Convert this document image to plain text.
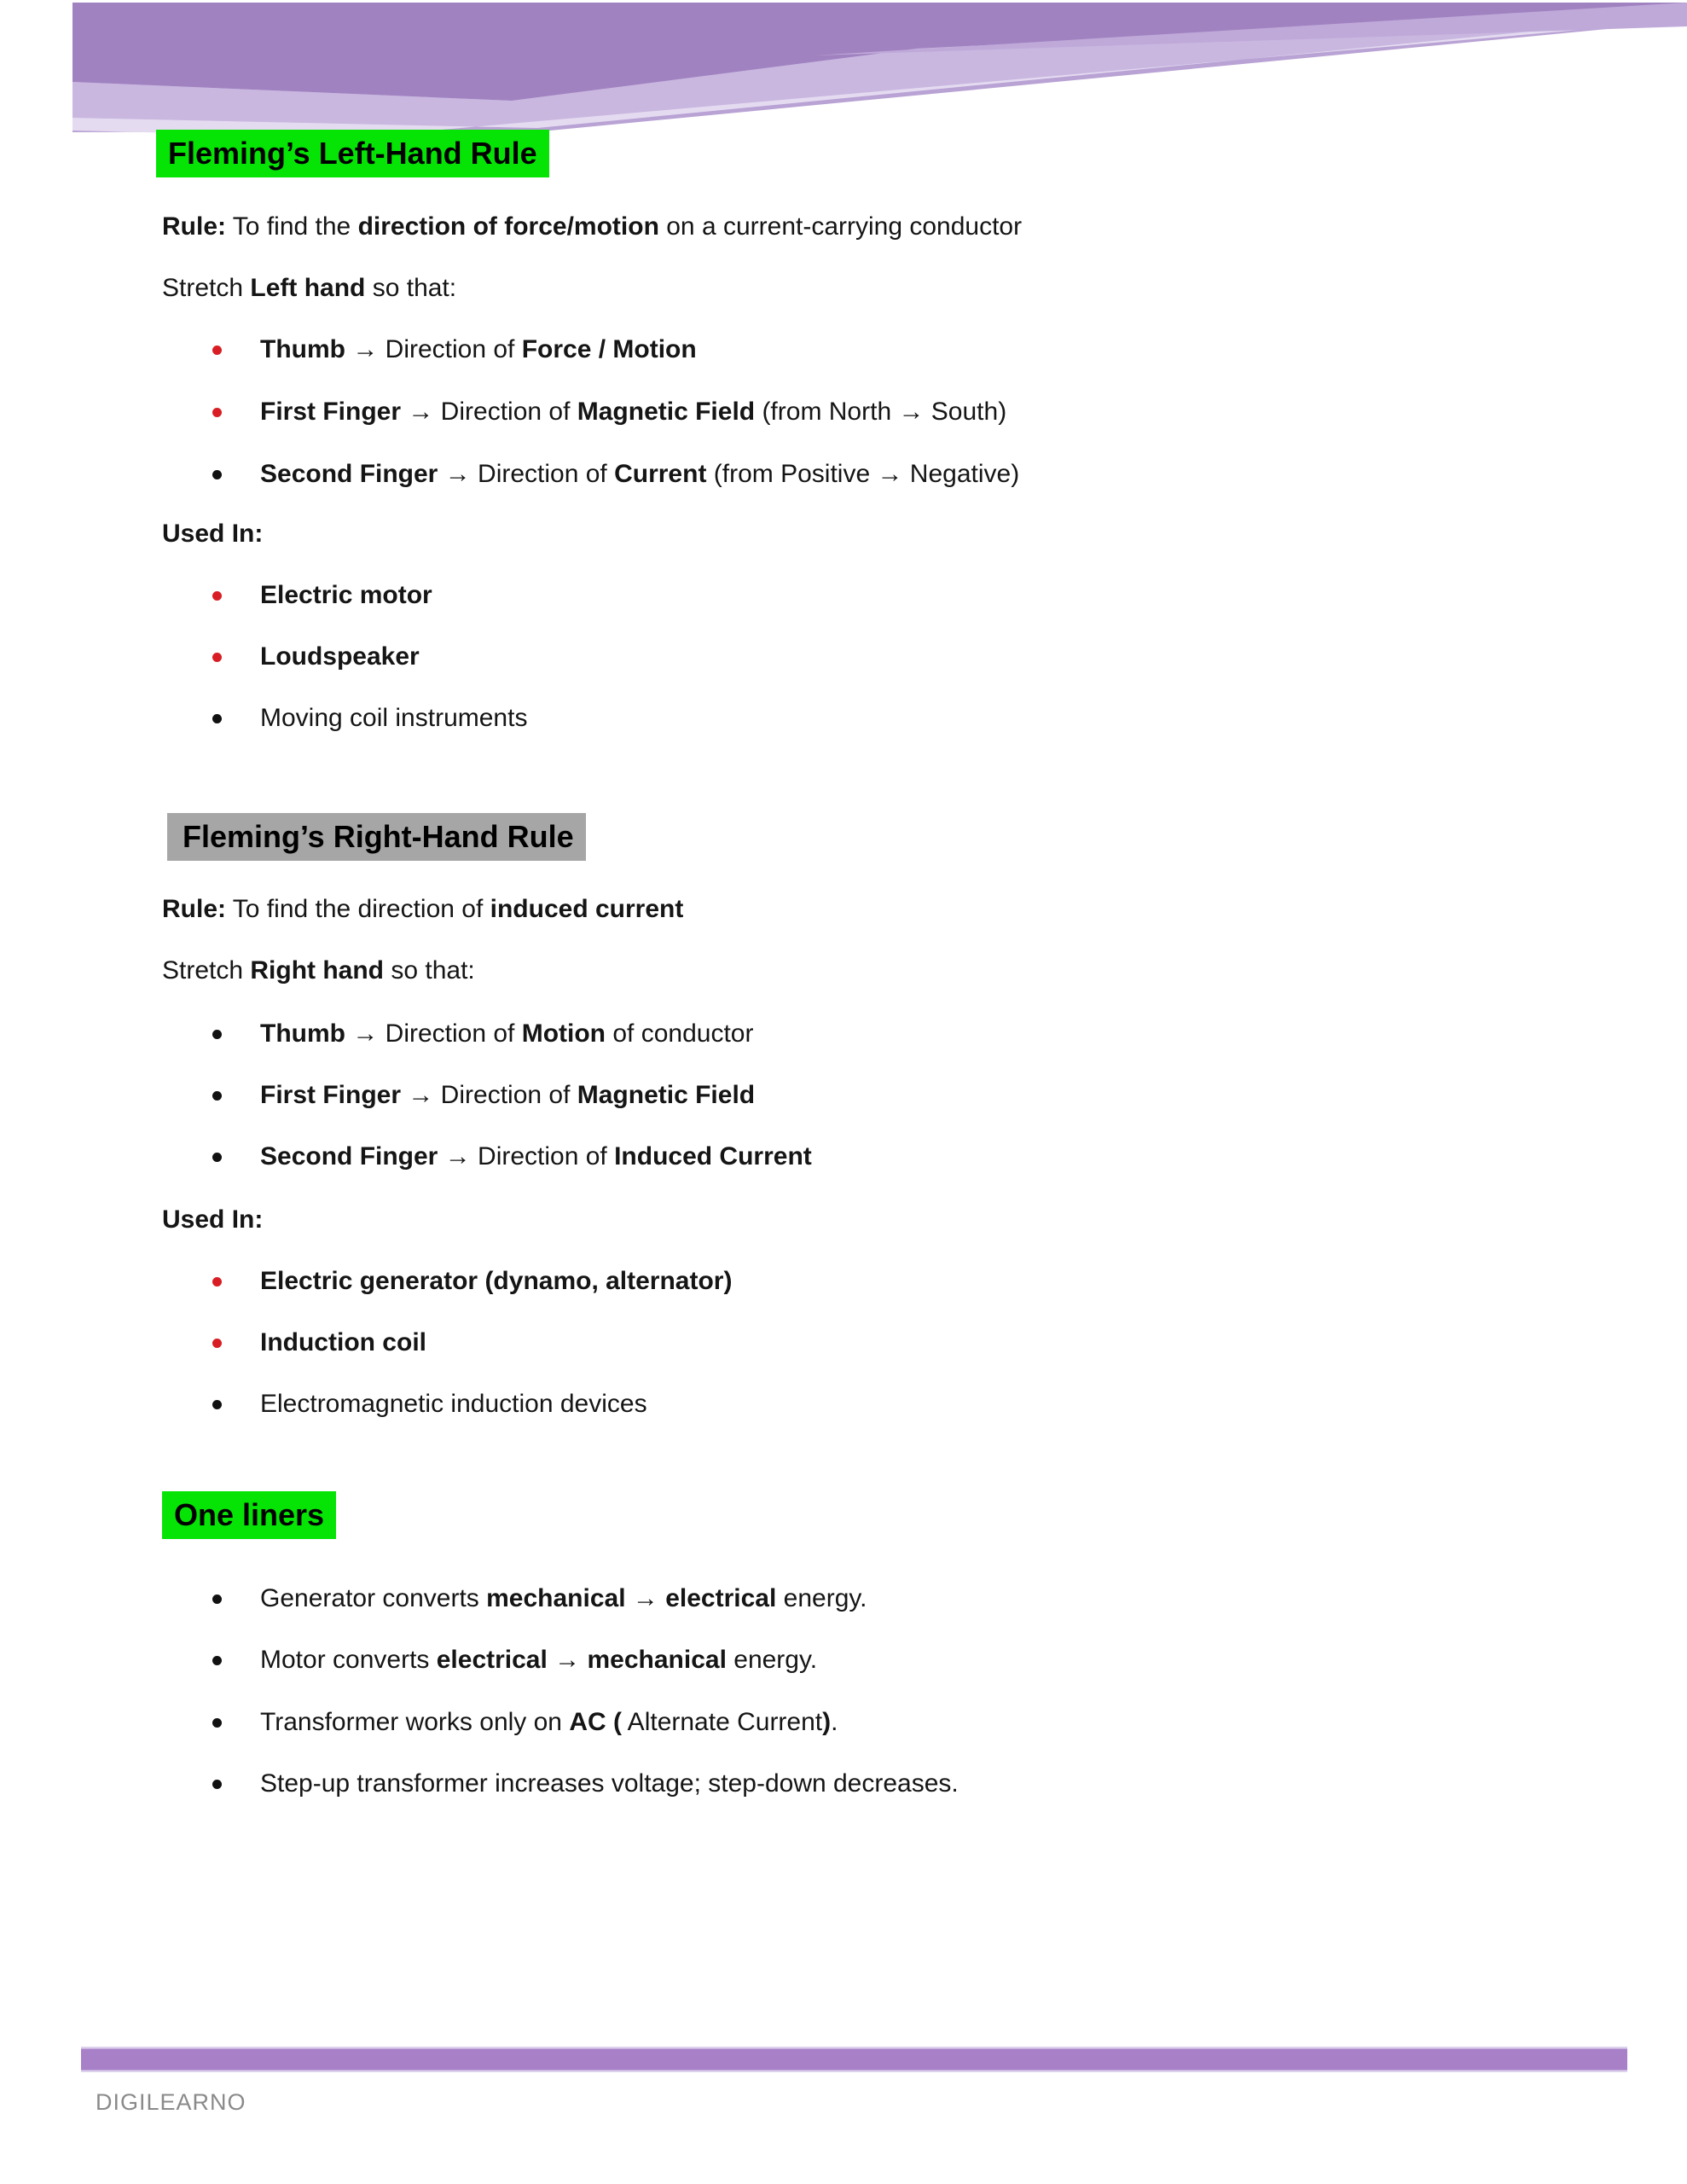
Fleming’s Left-Hand Rule
Rule: To find the direction of force/motion on a current-carrying conductor
Stretch Left hand so that:
Thumb → Direction of Force / Motion
First Finger → Direction of Magnetic Field (from North → South)
Second Finger → Direction of Current (from Positive → Negative)
Used In:
Electric motor
Loudspeaker
Moving coil instruments
Fleming’s Right-Hand Rule
Rule: To find the direction of induced current
Stretch Right hand so that:
Thumb → Direction of Motion of conductor
First Finger → Direction of Magnetic Field
Second Finger → Direction of Induced Current
Used In:
Electric generator (dynamo, alternator)
Induction coil
Electromagnetic induction devices
One liners
Generator converts mechanical → electrical energy.
Motor converts electrical → mechanical energy.
Transformer works only on AC ( Alternate Current).
Step-up transformer increases voltage; step-down decreases.
DIGILEARNO
